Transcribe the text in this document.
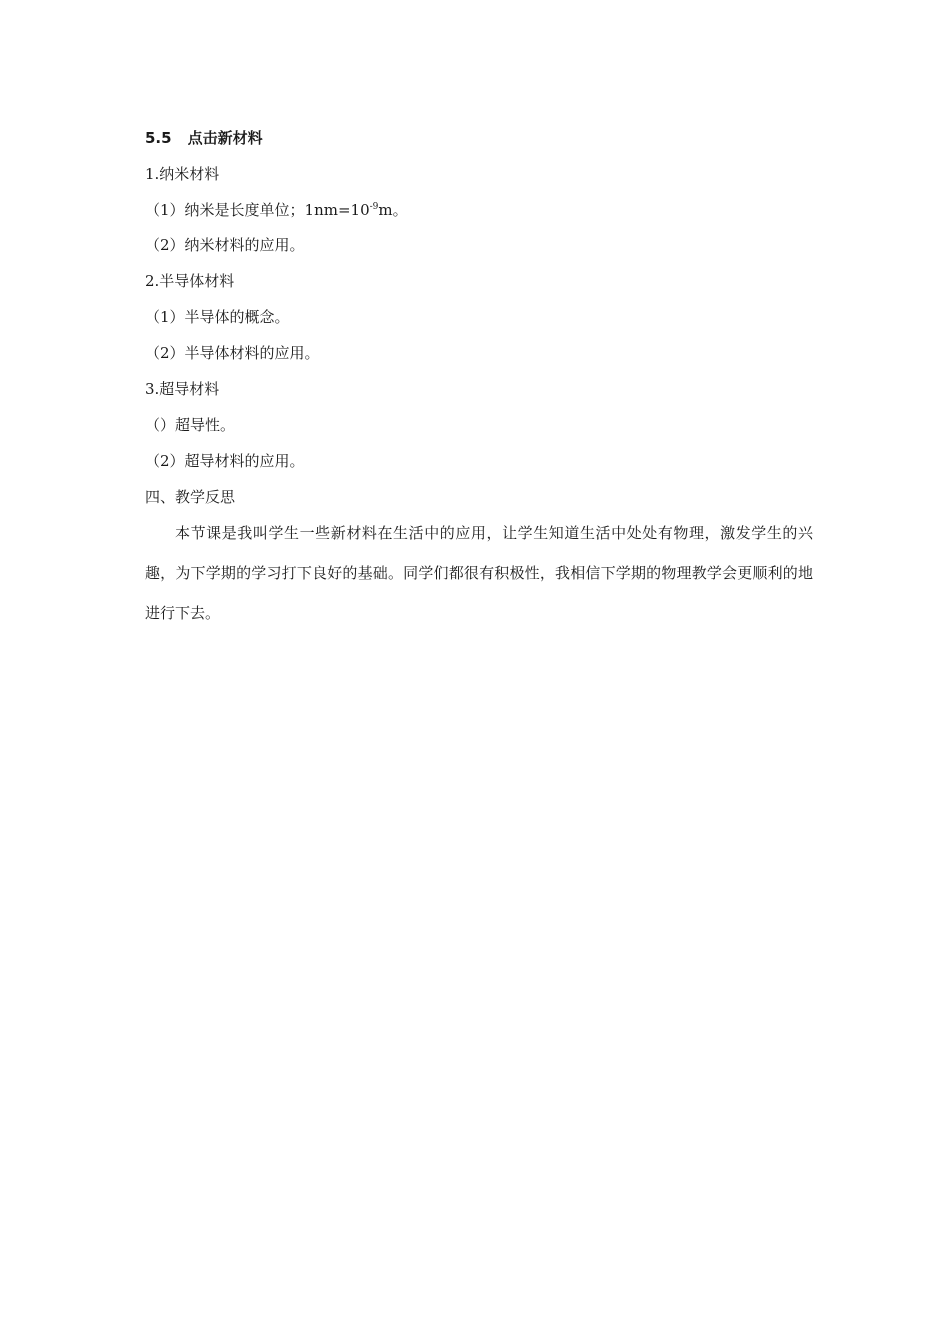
5.5 点击新材料
1.纳米材料
（1）纳米是长度单位；$1nm=10^{-9}m$。
（2）纳米材料的应用。
2.半导体材料
（1）半导体的概念。
（2）半导体材料的应用。
3.超导材料
（）超导性。
（2）超导材料的应用。
四、教学反思
本节课是我叫学生一些新材料在生活中的应用，让学生知道生活中处处有物理，激发学生的兴趣，为下学期的学习打下良好的基础。同学们都很有积极性，我相信下学期的物理教学会更顺利的地进行下去。
